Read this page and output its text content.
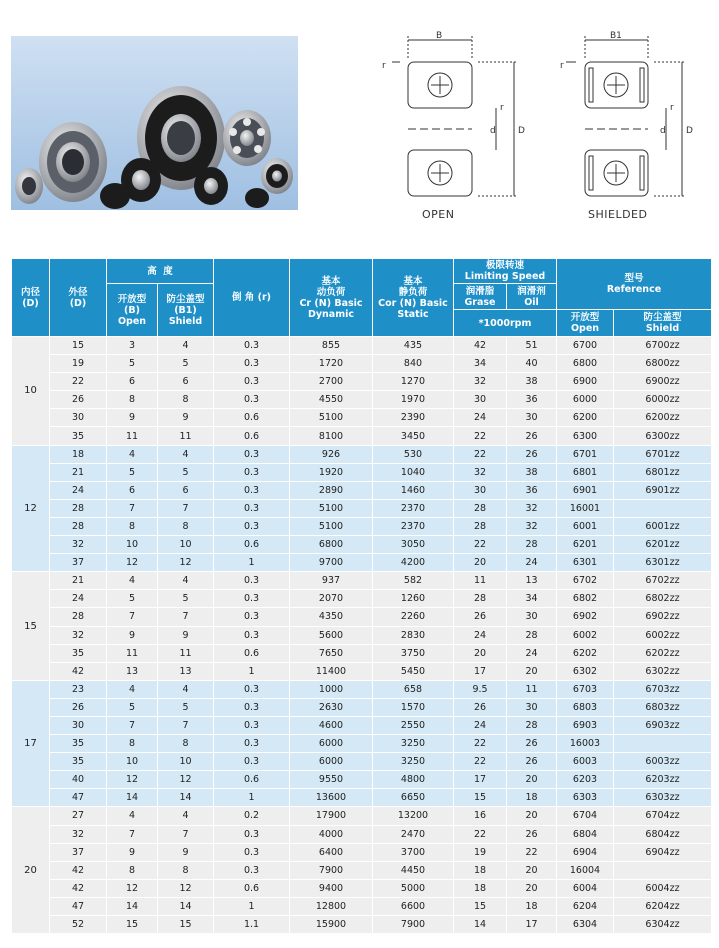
B
r
r
d D
OPEN
B1
r
r
d D
SHIELDED
内径
(D)	外径
(D)	高  度		倒 角 (r)	基本
动负荷
Cr (N) Basic
Dynamic	基本
静负荷
Cor (N) Basic
Static	极限转速
Limiting Speed		型号
Reference	
		开放型
(B)
Open	防尘盖型
(B1)
Shield				润滑脂
Grase	润滑剂
Oil		
							*1000rpm		开放型
Open	防尘盖型
Shield
10	15	3	4	0.3	855	435	42	51	6700	6700zz
	19	5	5	0.3	1720	840	34	40	6800	6800zz
	22	6	6	0.3	2700	1270	32	38	6900	6900zz
	26	8	8	0.3	4550	1970	30	36	6000	6000zz
	30	9	9	0.6	5100	2390	24	30	6200	6200zz
	35	11	11	0.6	8100	3450	22	26	6300	6300zz
12	18	4	4	0.3	926	530	22	26	6701	6701zz
	21	5	5	0.3	1920	1040	32	38	6801	6801zz
	24	6	6	0.3	2890	1460	30	36	6901	6901zz
	28	7	7	0.3	5100	2370	28	32	16001	
	28	8	8	0.3	5100	2370	28	32	6001	6001zz
	32	10	10	0.6	6800	3050	22	28	6201	6201zz
	37	12	12	1	9700	4200	20	24	6301	6301zz
15	21	4	4	0.3	937	582	11	13	6702	6702zz
	24	5	5	0.3	2070	1260	28	34	6802	6802zz
	28	7	7	0.3	4350	2260	26	30	6902	6902zz
	32	9	9	0.3	5600	2830	24	28	6002	6002zz
	35	11	11	0.6	7650	3750	20	24	6202	6202zz
	42	13	13	1	11400	5450	17	20	6302	6302zz
17	23	4	4	0.3	1000	658	9.5	11	6703	6703zz
	26	5	5	0.3	2630	1570	26	30	6803	6803zz
	30	7	7	0.3	4600	2550	24	28	6903	6903zz
	35	8	8	0.3	6000	3250	22	26	16003	
	35	10	10	0.3	6000	3250	22	26	6003	6003zz
	40	12	12	0.6	9550	4800	17	20	6203	6203zz
	47	14	14	1	13600	6650	15	18	6303	6303zz
20	27	4	4	0.2	17900	13200	16	20	6704	6704zz
	32	7	7	0.3	4000	2470	22	26	6804	6804zz
	37	9	9	0.3	6400	3700	19	22	6904	6904zz
	42	8	8	0.3	7900	4450	18	20	16004	
	42	12	12	0.6	9400	5000	18	20	6004	6004zz
	47	14	14	1	12800	6600	15	18	6204	6204zz
	52	15	15	1.1	15900	7900	14	17	6304	6304zz
